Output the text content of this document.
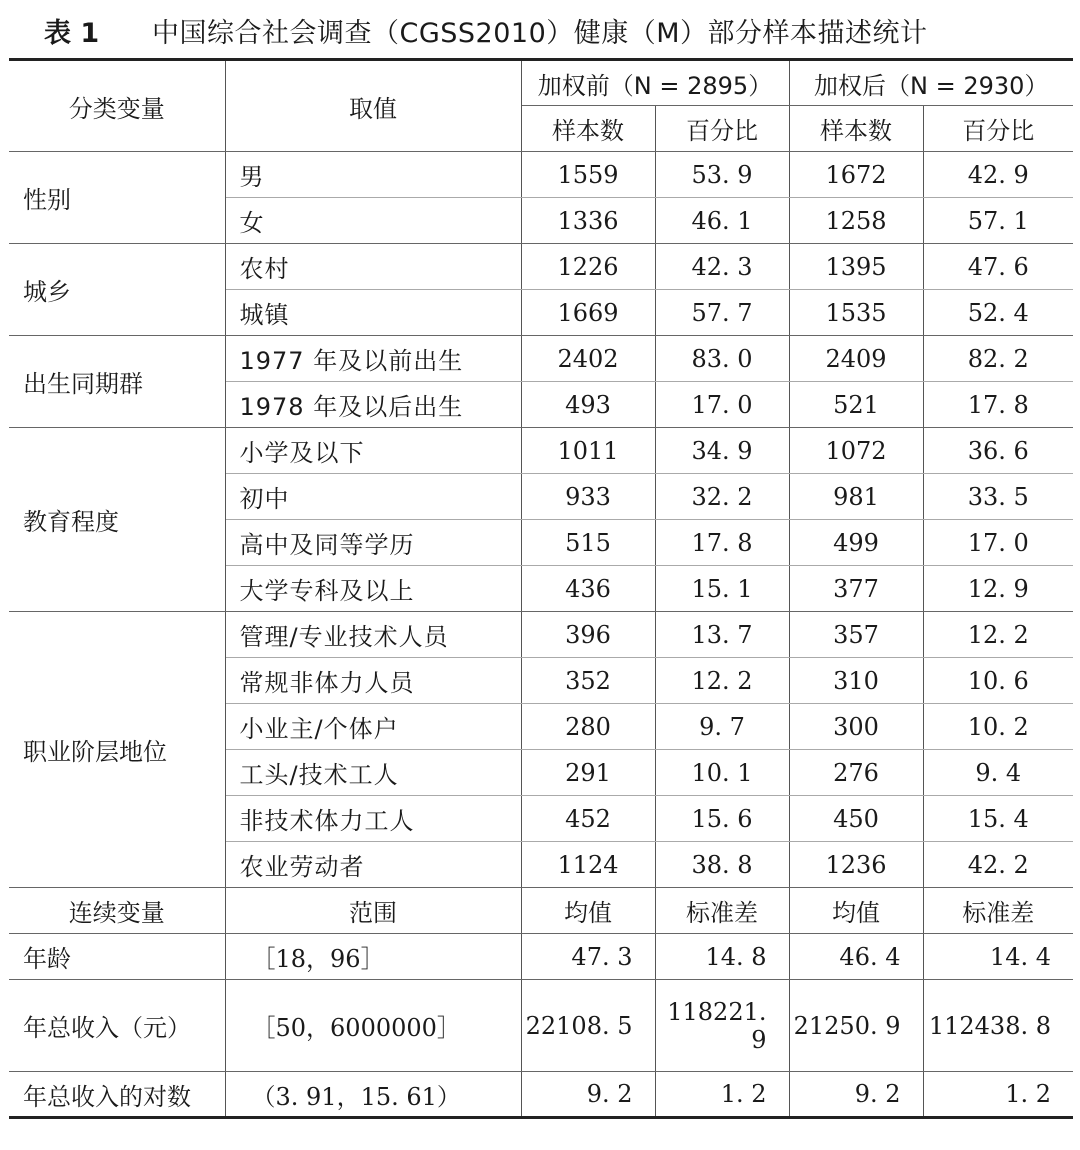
表 1 中国综合社会调查（CGSS2010）健康（M）部分样本描述统计
分类变量	取值	加权前（N = 2895）		加权后（N = 2930）	
		样本数	百分比	样本数	百分比
性别	男	1559	53. 9	1672	42. 9
	女	1336	46. 1	1258	57. 1
城乡	农村	1226	42. 3	1395	47. 6
	城镇	1669	57. 7	1535	52. 4
出生同期群	1977 年及以前出生	2402	83. 0	2409	82. 2
	1978 年及以后出生	493	17. 0	521	17. 8
教育程度	小学及以下	1011	34. 9	1072	36. 6
	初中	933	32. 2	981	33. 5
	高中及同等学历	515	17. 8	499	17. 0
	大学专科及以上	436	15. 1	377	12. 9
职业阶层地位	管理/专业技术人员	396	13. 7	357	12. 2
	常规非体力人员	352	12. 2	310	10. 6
	小业主/个体户	280	9. 7	300	10. 2
	工头/技术工人	291	10. 1	276	9. 4
	非技术体力工人	452	15. 6	450	15. 4
	农业劳动者	1124	38. 8	1236	42. 2
连续变量	范围	均值	标准差	均值	标准差
年龄	［18，96］	47. 3	14. 8	46. 4	14. 4
年总收入（元）	［50，6000000］	22108. 5	118221. 9	21250. 9	112438. 8
年总收入的对数	（3. 91，15. 61）	9. 2	1. 2	9. 2	1. 2
